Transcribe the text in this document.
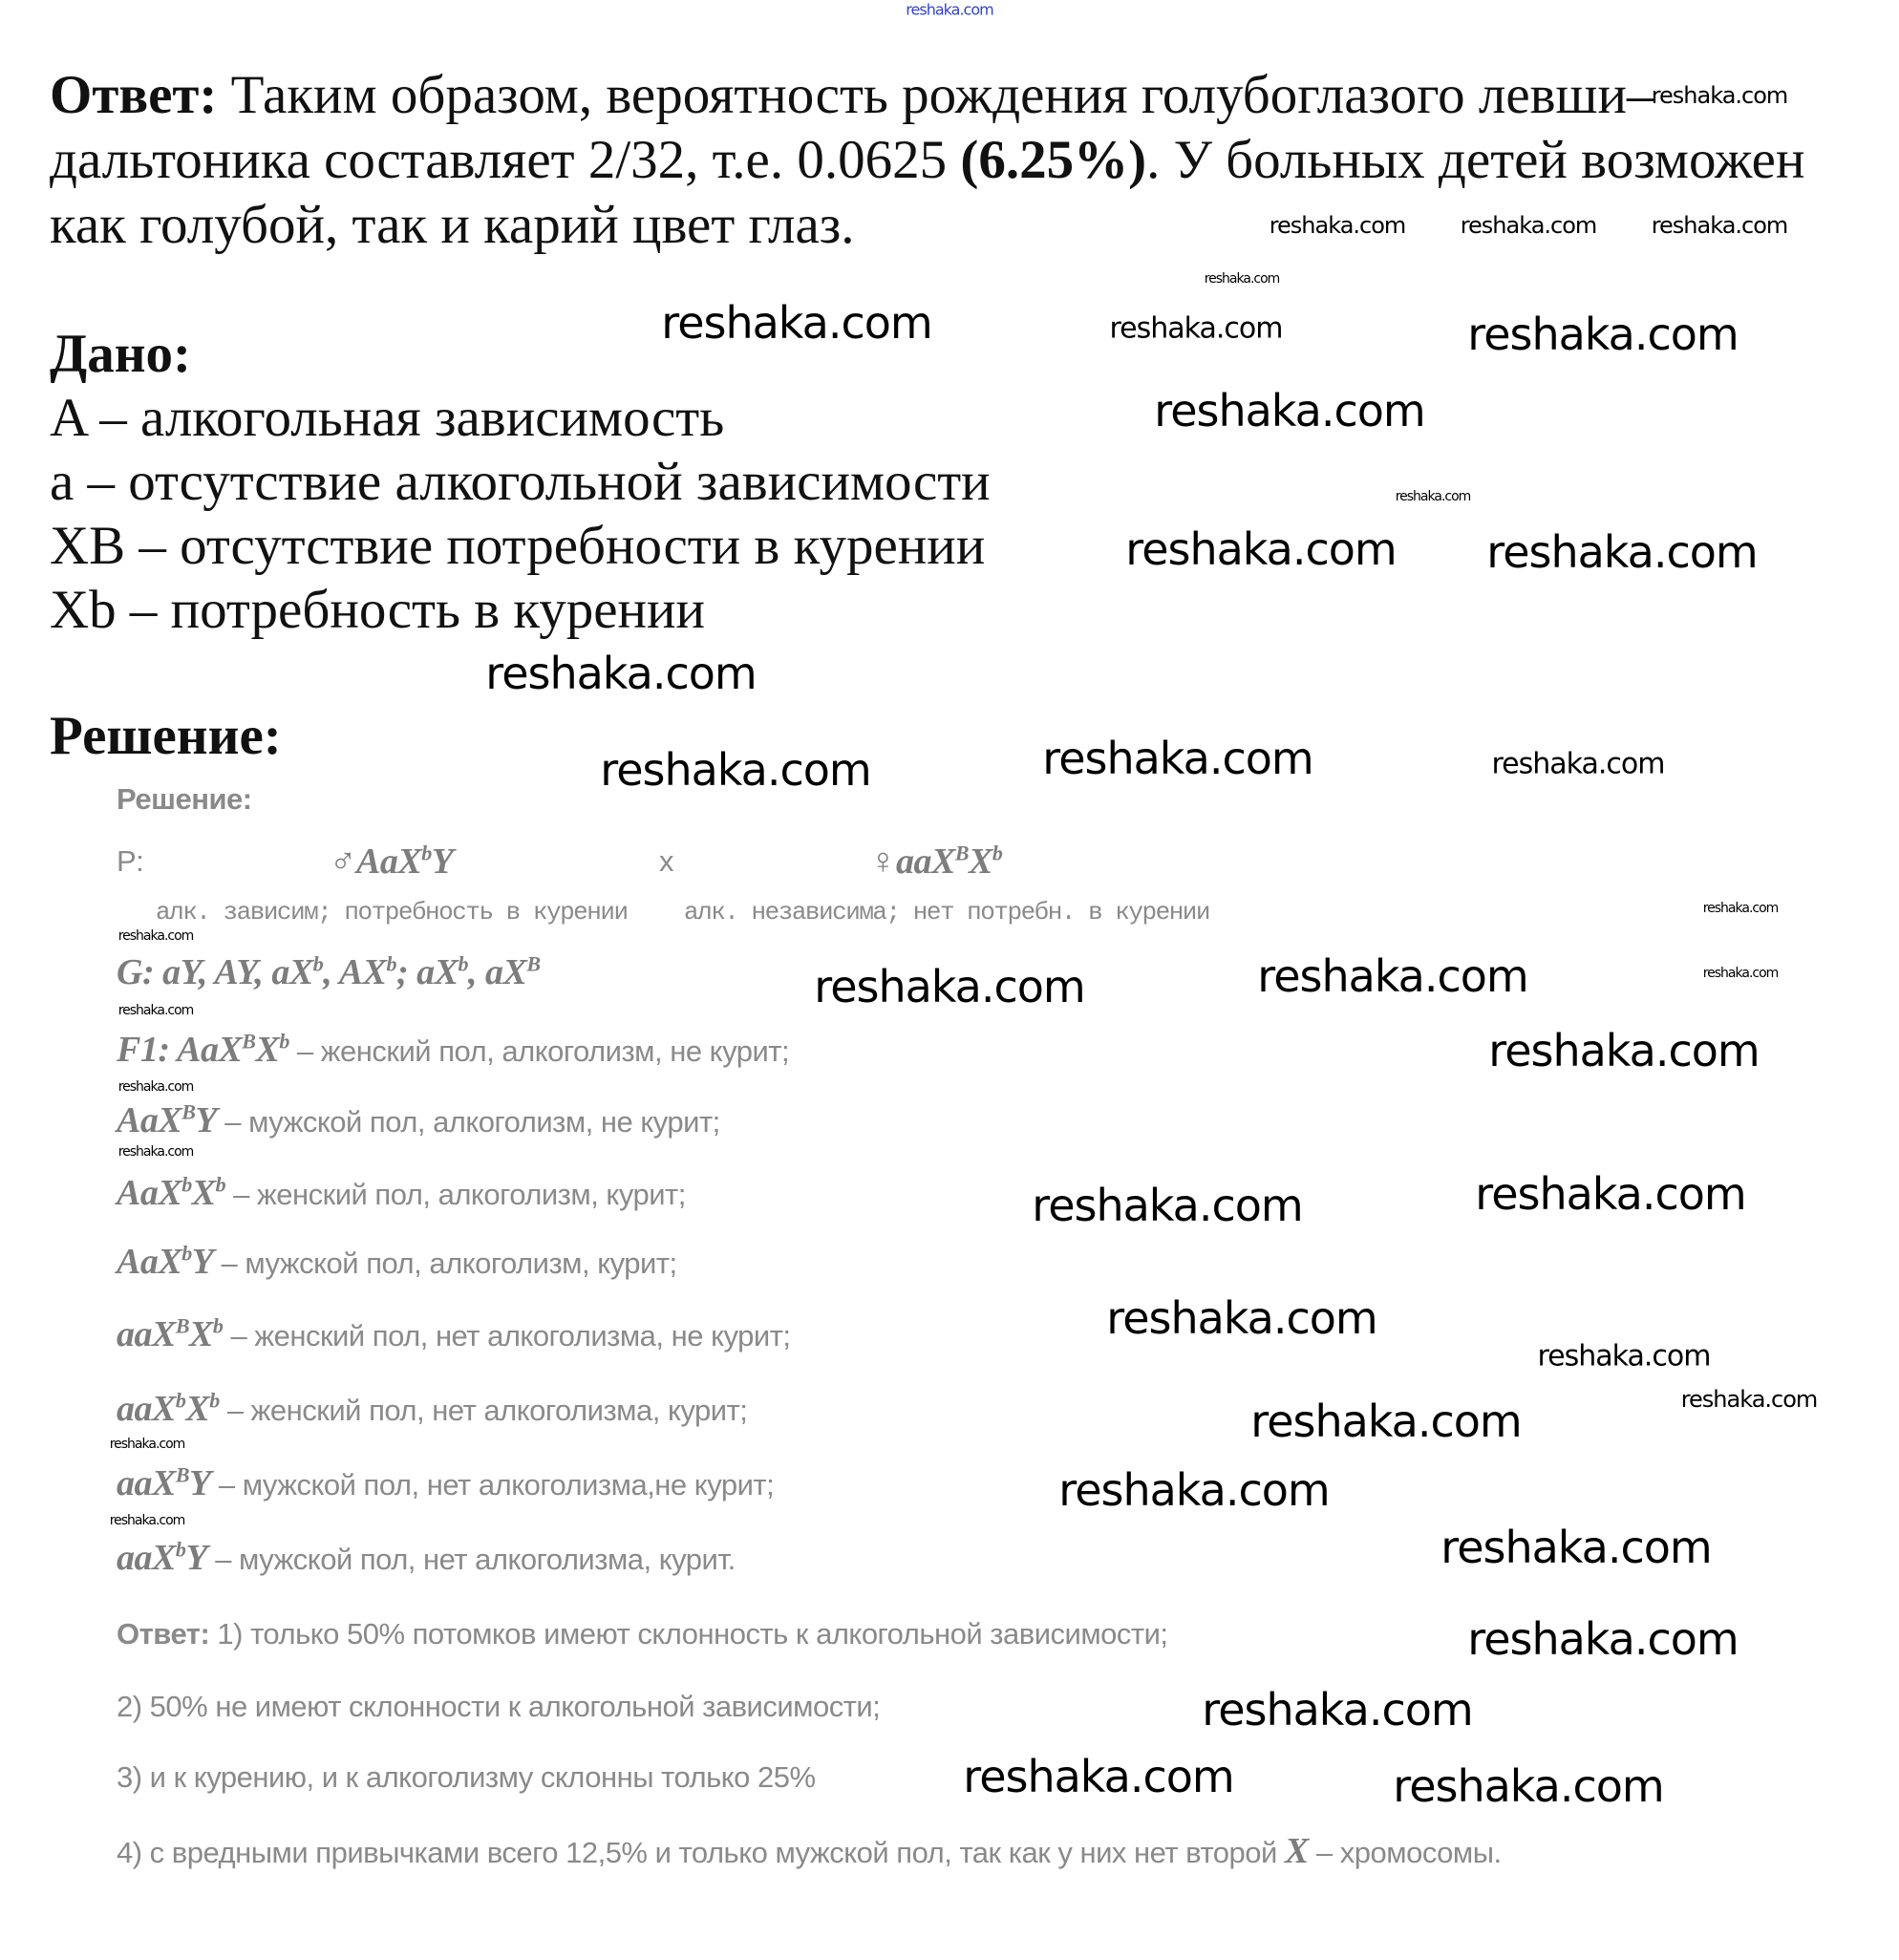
Ответ: Таким образом, вероятность рождения голубоглазого левши–дальтоника составляет 2/32, т.е. 0.0625 (6.25%). У больных детей возможен как голубой, так и карий цвет глаз.
Дано:
A – алкогольная зависимость
a – отсутствие алкогольной зависимости
XB – отсутствие потребности в курении
Xb – потребность в курении
Решение:
Решение:
P:	♂AaX$^b$Y	x	$♀aaX^BX^b$
алк. зависим; потребность в курении алк. независима; нет потребн. в курении
G: aY, AY, $aX^b$, $AX^b$; $aX^b$, $aX^B$
F1: $AaX^BX^b$ – женский пол, алкоголизм, не курит;
AaX$^B$Y – мужской пол, алкоголизм, не курит;
$AaX^bX^b$ – женский пол, алкоголизм, курит;
AaX$^b$Y – мужской пол, алкоголизм, курит;
$aaX^BX^b$ – женский пол, нет алкоголизма, не курит;
$aaX^bX^b$ – женский пол, нет алкоголизма, курит;
aaX$^B$Y – мужской пол, нет алкоголизма,не курит;
aaX$^b$Y – мужской пол, нет алкоголизма, курит.
Ответ: 1) только 50% потомков имеют склонность к алкогольной зависимости;
2) 50% не имеют склонности к алкогольной зависимости;
3) и к курению, и к алкоголизму склонны только 25%
4) с вредными привычками всего 12,5% и только мужской пол, так как у них нет второй X – хромосомы.
reshaka.com
reshaka.com
reshaka.com reshaka.com reshaka.com
reshaka.com
reshaka.com	reshaka.com	reshaka.com
reshaka.com
reshaka.com
reshaka.com reshaka.com
reshaka.com
reshaka.com	reshaka.com	reshaka.com
reshaka.com
reshaka.com
reshaka.com
reshaka.com	reshaka.com
reshaka.com
reshaka.com
reshaka.com
reshaka.com
reshaka.com	reshaka.com
reshaka.com
reshaka.com
reshaka.com
reshaka.com
reshaka.com
reshaka.com
reshaka.com
reshaka.com
reshaka.com
reshaka.com
reshaka.com	reshaka.com
